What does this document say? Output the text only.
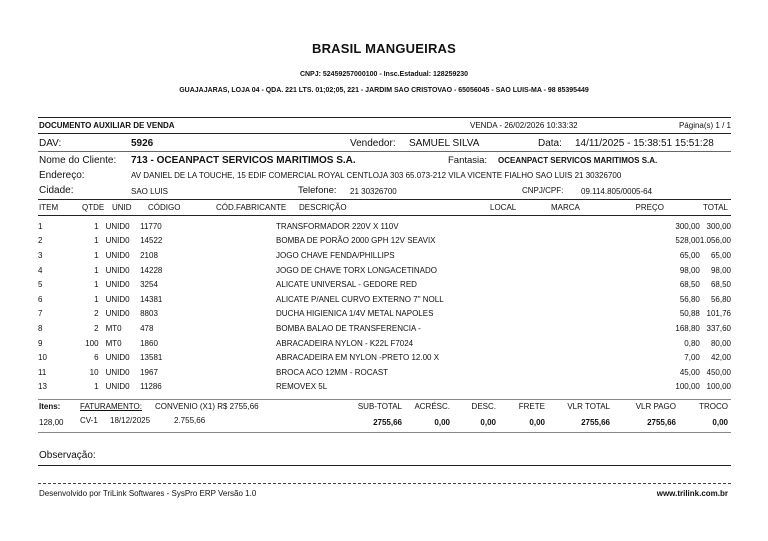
BRASIL MANGUEIRAS
CNPJ: 52459257000100 - Insc.Estadual: 128259230
GUAJAJARAS, LOJA 04 - QDA. 221 LTS. 01;02;05, 221 - JARDIM SAO CRISTOVAO - 65056045 - SAO LUIS-MA - 98 85395449
DOCUMENTO AUXILIAR DE VENDA	VENDA - 26/02/2026 10:33:32	Página(s) 1 / 1
DAV:	5926	Vendedor: SAMUEL SILVA	Data: 14/11/2025 - 15:38:51 15:51:28
Nome do Cliente: 713 - OCEANPACT SERVICOS MARITIMOS S.A.	Fantasia: OCEANPACT SERVICOS MARITIMOS S.A.
Endereço:	AV DANIEL DE LA TOUCHE, 15 EDIF COMERCIAL ROYAL CENTLOJA 303 65.073-212 VILA VICENTE FIALHO SAO LUIS 21 30326700
Cidade:	SAO LUIS	Telefone: 21 30326700	CNPJ/CPF: 09.114.805/0005-64
ITEM	QTDE UNID CÓDIGO	CÓD.FABRICANTE DESCRIÇÃO	LOCAL	MARCA	PREÇO	TOTAL
1	1	UNID0	11770		TRANSFORMADOR 220V X 110V			300,00	300,00
2	1	UNID0	14522		BOMBA DE PORÃO 2000 GPH 12V SEAVIX			528,00	1.056,00
3	1	UNID0	2108		JOGO CHAVE FENDA/PHILLIPS			65,00	65,00
4	1	UNID0	14228		JOGO DE CHAVE TORX LONGACETINADO			98,00	98,00
5	1	UNID0	3254		ALICATE UNIVERSAL - GEDORE RED			68,50	68,50
6	1	UNID0	14381		ALICATE P/ANEL CURVO EXTERNO 7" NOLL			56,80	56,80
7	2	UNID0	8803		DUCHA HIGIENICA 1/4V METAL NAPOLES			50,88	101,76
8	2	MT0	478		BOMBA BALAO DE TRANSFERENCIA -			168,80	337,60
9	100	MT0	1860		ABRACADEIRA NYLON - K22L F7024			0,80	80,00
10	6	UNID0	13581		ABRACADEIRA EM NYLON -PRETO 12.00 X			7,00	42,00
11	10	UNID0	1967		BROCA ACO 12MM - ROCAST			45,00	450,00
13	1	UNID0	11286		REMOVEX 5L			100,00	100,00
Itens: FATURAMENTO: CONVENIO (X1) R$ 2755,66	SUB-TOTAL	ACRÉSC.	DESC.	FRETE	VLR TOTAL	VLR PAGO	TROCO
128,00 CV-1 18/12/2025	2.755,66	2755,66	0,00	0,00	0,00	2755,66	2755,66	0,00
Observação:
Desenvolvido por TriLink Softwares - SysPro ERP Versão 1.0	www.trilink.com.br
